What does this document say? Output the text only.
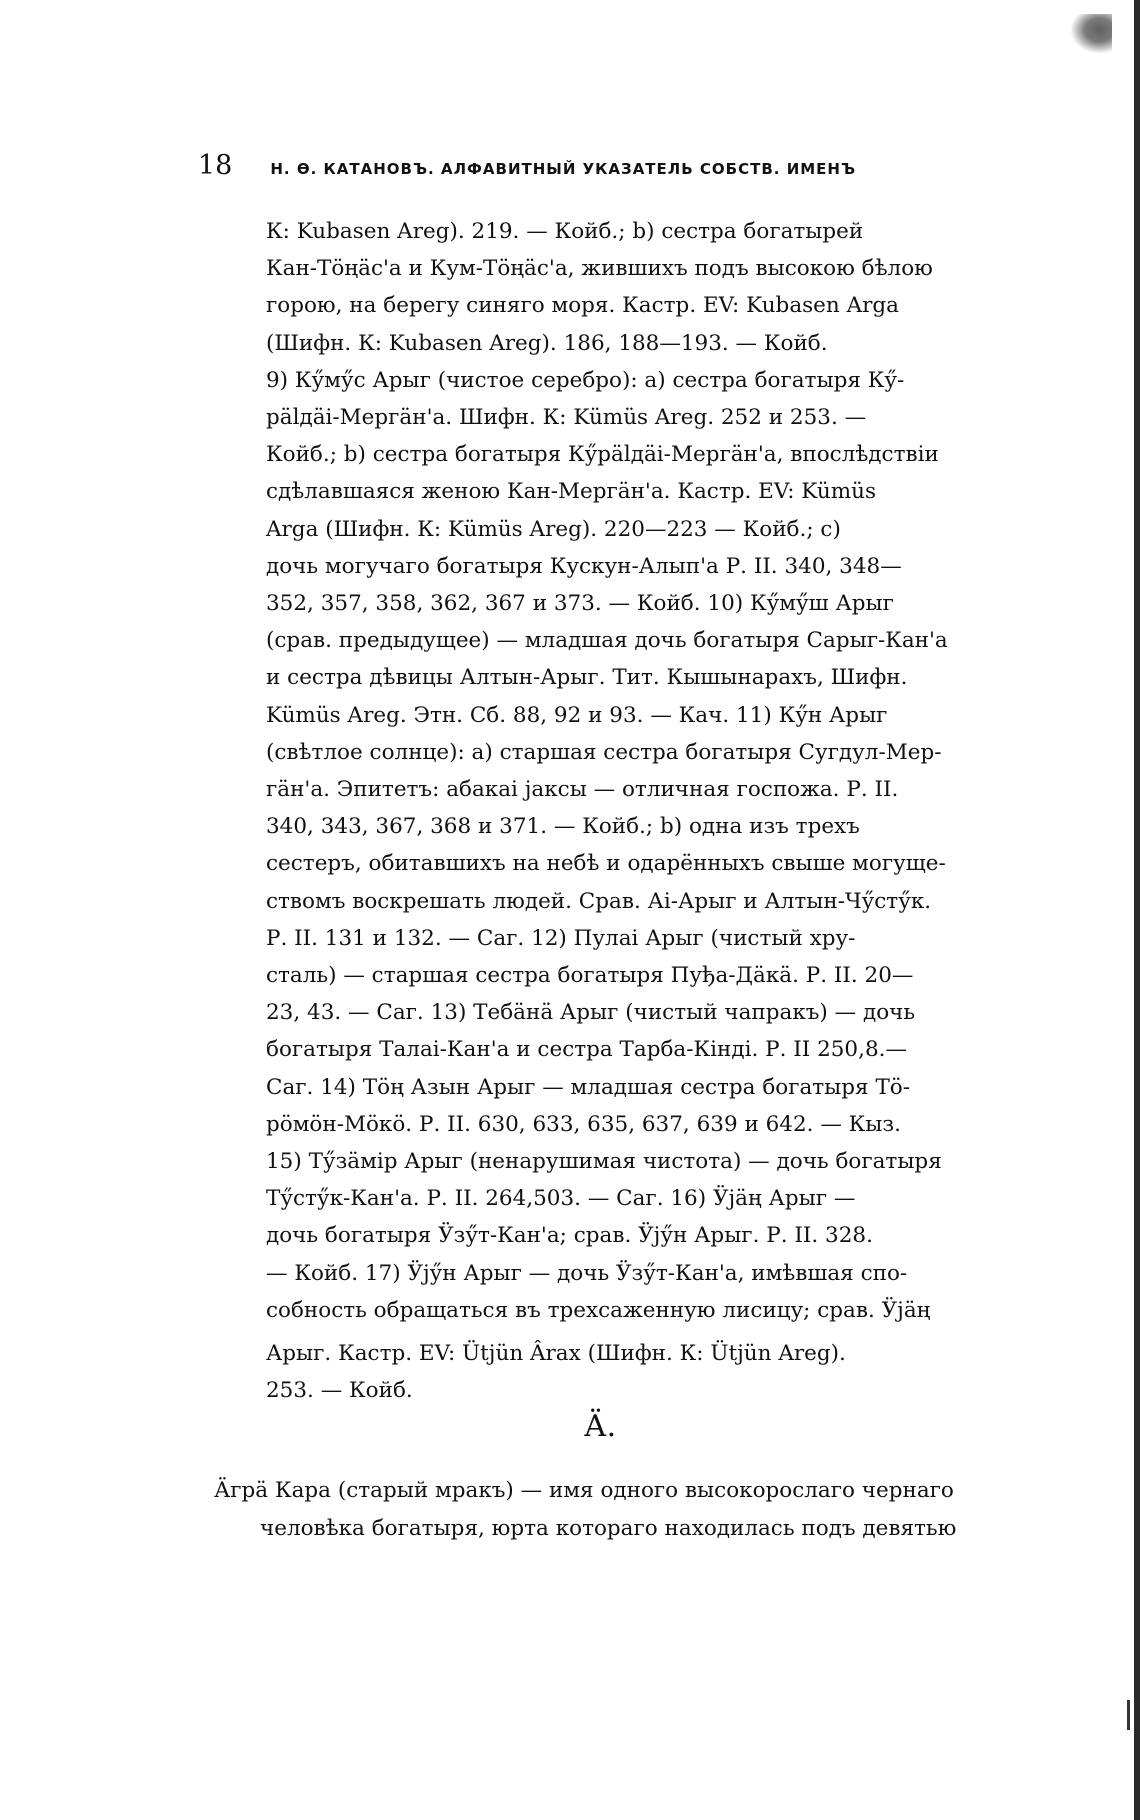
18	Н. Ѳ. КАТАНОВЪ. АЛФАВИТНЫЙ УКАЗАТЕЛЬ СОБСТВ. ИМЕНЪ
К: Kubasen Areg). 219. — Койб.; b) сестра богатырей
Кан-Тӧңӓс'а и Кум-Тӧңӓс'а, жившихъ подъ высокою бѣлою
горою, на берегу синяго моря. Кастр. EV: Kubasen Arga
(Шифн. К: Kubasen Areg). 186, 188—193. — Койб.
9) Кӳмӳс Арыг (чистое серебро): а) сестра богатыря Кӳ-
рӓlдӓi-Мергӓн'а. Шифн. К: Kümüs Areg. 252 и 253. —
Койб.; b) сестра богатыря Кӳрӓlдӓi-Мергӓн'а, впослѣдствіи
сдѣлавшаяся женою Кан-Мергӓн'а. Кастр. EV: Kümüs
Arga (Шифн. К: Kümüs Areg). 220—223 — Койб.; с)
дочь могучаго богатыря Кускун-Алып'а Р. II. 340, 348—
352, 357, 358, 362, 367 и 373. — Койб. 10) Кӳмӳш Арыг
(срав. предыдущее) — младшая дочь богатыря Сарыг-Кан'а
и сестра дѣвицы Алтын-Арыг. Тит. Кышынарахъ, Шифн.
Kümüs Areg. Этн. Сб. 88, 92 и 93. — Кач. 11) Кӳн Арыг
(свѣтлое солнце): а) старшая сестра богатыря Сугдул-Мер-
гӓн'а. Эпитетъ: абакаі јаксы — отличная госпожа. Р. II.
340, 343, 367, 368 и 371. — Койб.; b) одна изъ трехъ
сестеръ, обитавшихъ на небѣ и одарённыхъ свыше могуще-
ствомъ воскрешать людей. Срав. Аі-Арыг и Алтын-Чӳстӳк.
Р. II. 131 и 132. — Саг. 12) Пулаі Арыг (чистый хру-
сталь) — старшая сестра богатыря Пуђа-Дӓкӓ. Р. II. 20—
23, 43. — Саг. 13) Тебӓнӓ Арыг (чистый чапракъ) — дочь
богатыря Талаі-Кан'а и сестра Тарба-Кінді. Р. II 250,8.—
Саг. 14) Тӧң Азын Арыг — младшая сестра богатыря Тӧ-
рӧмӧн-Мӧкӧ. Р. II. 630, 633, 635, 637, 639 и 642. — Кыз.
15) Тӳзӓмір Арыг (ненарушимая чистота) — дочь богатыря
Тӳстӳк-Кан'а. Р. II. 264,503. — Саг. 16) Ӱјӓң Арыг —
дочь богатыря Ӱзӳт-Кан'а; срав. Ӱјӳн Арыг. Р. II. 328.
— Койб. 17) Ӱјӳн Арыг — дочь Ӱзӳт-Кан'а, имѣвшая спо-
собность обращаться въ трехсаженную лисицу; срав. Ӱјӓң
Арыг. Кастр. EV: Ütjün Ârax (Шифн. К: Ütjün Areg).
253. — Койб.
Ӓ.
Ӓгрӓ Кара (старый мракъ) — имя одного высокорослаго чернаго
человѣка богатыря, юрта котораго находилась подъ девятью
